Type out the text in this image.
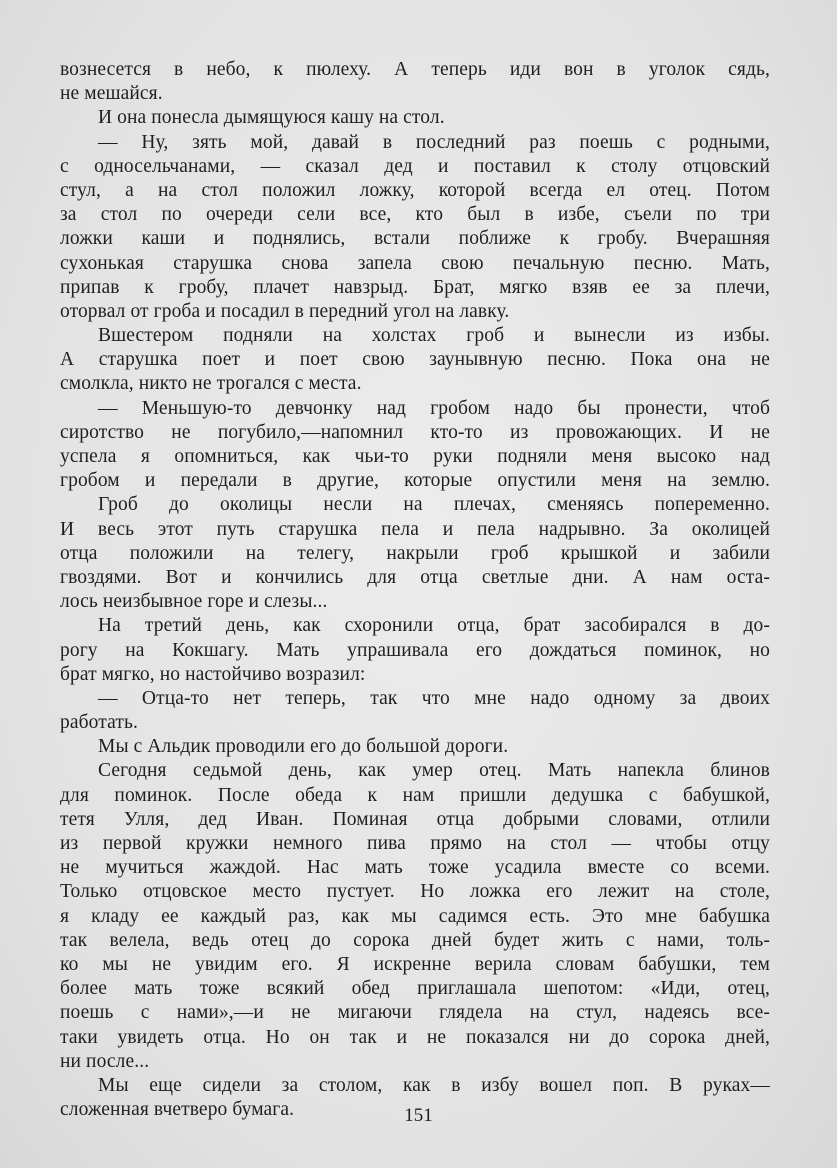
вознесется в небо, к пюлеху. А теперь иди вон в уголок сядь,
не мешайся.
И она понесла дымящуюся кашу на стол.
— Ну, зять мой, давай в последний раз поешь с родными,
с односельчанами, — сказал дед и поставил к столу отцовский
стул, а на стол положил ложку, которой всегда ел отец. Потом
за стол по очереди сели все, кто был в избе, съели по три
ложки каши и поднялись, встали поближе к гробу. Вчерашняя
сухонькая старушка снова запела свою печальную песню. Мать,
припав к гробу, плачет навзрыд. Брат, мягко взяв ее за плечи,
оторвал от гроба и посадил в передний угол на лавку.
Вшестером подняли на холстах гроб и вынесли из избы.
А старушка поет и поет свою заунывную песню. Пока она не
смолкла, никто не трогался с места.
— Меньшую-то девчонку над гробом надо бы пронести, чтоб
сиротство не погубило,—напомнил кто-то из провожающих. И не
успела я опомниться, как чьи-то руки подняли меня высоко над
гробом и передали в другие, которые опустили меня на землю.
Гроб до околицы несли на плечах, сменяясь попеременно.
И весь этот путь старушка пела и пела надрывно. За околицей
отца положили на телегу, накрыли гроб крышкой и забили
гвоздями. Вот и кончились для отца светлые дни. А нам оста-
лось неизбывное горе и слезы...
На третий день, как схоронили отца, брат засобирался в до-
рогу на Кокшагу. Мать упрашивала его дождаться поминок, но
брат мягко, но настойчиво возразил:
— Отца-то нет теперь, так что мне надо одному за двоих
работать.
Мы с Альдик проводили его до большой дороги.
Сегодня седьмой день, как умер отец. Мать напекла блинов
для поминок. После обеда к нам пришли дедушка с бабушкой,
тетя Улля, дед Иван. Поминая отца добрыми словами, отлили
из первой кружки немного пива прямо на стол — чтобы отцу
не мучиться жаждой. Нас мать тоже усадила вместе со всеми.
Только отцовское место пустует. Но ложка его лежит на столе,
я кладу ее каждый раз, как мы садимся есть. Это мне бабушка
так велела, ведь отец до сорока дней будет жить с нами, толь-
ко мы не увидим его. Я искренне верила словам бабушки, тем
более мать тоже всякий обед приглашала шепотом: «Иди, отец,
поешь с нами»,—и не мигаючи глядела на стул, надеясь все-
таки увидеть отца. Но он так и не показался ни до сорока дней,
ни после...
Мы еще сидели за столом, как в избу вошел поп. В руках—
сложенная вчетверо бумага.	151
